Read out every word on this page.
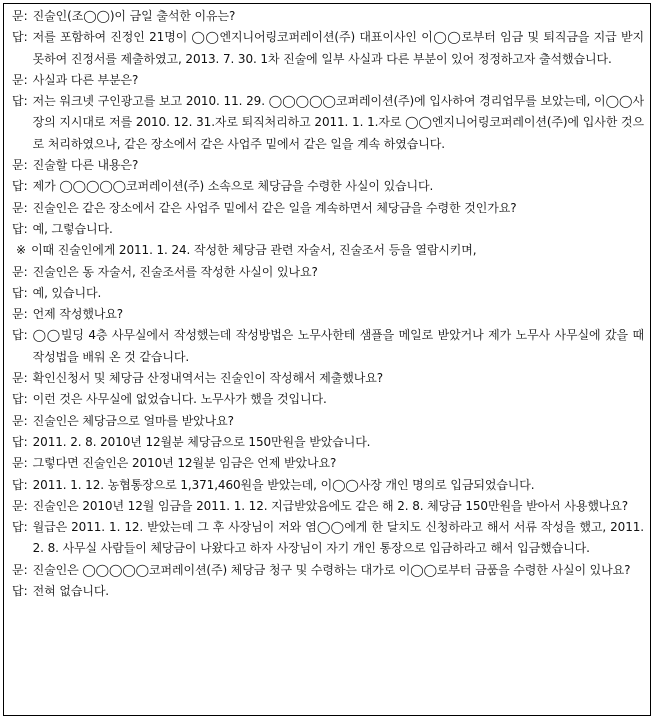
문: 진술인(조◯◯)이 금일 출석한 이유는?
답: 저를 포함하여 진정인 21명이 ◯◯엔지니어링코퍼레이션(주) 대표이사인 이◯◯로부터 임금 및 퇴직금을 지급 받지 못하여 진정서를 제출하였고, 2013. 7. 30. 1차 진술에 일부 사실과 다른 부분이 있어 정정하고자 출석했습니다.
문: 사실과 다른 부분은?
답: 저는 워크넷 구인광고를 보고 2010. 11. 29. ◯◯◯◯◯코퍼레이션(주)에 입사하여 경리업무를 보았는데, 이◯◯사장의 지시대로 저를 2010. 12. 31.자로 퇴직처리하고 2011. 1. 1.자로 ◯◯엔지니어링코퍼레이션(주)에 입사한 것으로 처리하였으나, 같은 장소에서 같은 사업주 밑에서 같은 일을 계속 하였습니다.
문: 진술할 다른 내용은?
답: 제가 ◯◯◯◯◯코퍼레이션(주) 소속으로 체당금을 수령한 사실이 있습니다.
문: 진술인은 같은 장소에서 같은 사업주 밑에서 같은 일을 계속하면서 체당금을 수령한 것인가요?
답: 예, 그렇습니다.
※ 이때 진술인에게 2011. 1. 24. 작성한 체당금 관련 자술서, 진술조서 등을 열람시키며,
문: 진술인은 동 자술서, 진술조서를 작성한 사실이 있나요?
답: 예, 있습니다.
문: 언제 작성했나요?
답: ◯◯빌딩 4층 사무실에서 작성했는데 작성방법은 노무사한테 샘플을 메일로 받았거나 제가 노무사 사무실에 갔을 때 작성법을 배워 온 것 같습니다.
문: 확인신청서 및 체당금 산정내역서는 진술인이 작성해서 제출했나요?
답: 이런 것은 사무실에 없었습니다. 노무사가 했을 것입니다.
문: 진술인은 체당금으로 얼마를 받았나요?
답: 2011. 2. 8. 2010년 12월분 체당금으로 150만원을 받았습니다.
문: 그렇다면 진술인은 2010년 12월분 임금은 언제 받았나요?
답: 2011. 1. 12. 농협통장으로 1,371,460원을 받았는데, 이◯◯사장 개인 명의로 입금되었습니다.
문: 진술인은 2010년 12월 임금을 2011. 1. 12. 지급받았음에도 같은 해 2. 8. 체당금 150만원을 받아서 사용했나요?
답: 월급은 2011. 1. 12. 받았는데 그 후 사장님이 저와 염◯◯에게 한 달치도 신청하라고 해서 서류 작성을 했고, 2011. 2. 8. 사무실 사람들이 체당금이 나왔다고 하자 사장님이 자기 개인 통장으로 입금하라고 해서 입금했습니다.
문: 진술인은 ◯◯◯◯◯코퍼레이션(주) 체당금 청구 및 수령하는 대가로 이◯◯로부터 금품을 수령한 사실이 있나요?
답: 전혀 없습니다.
